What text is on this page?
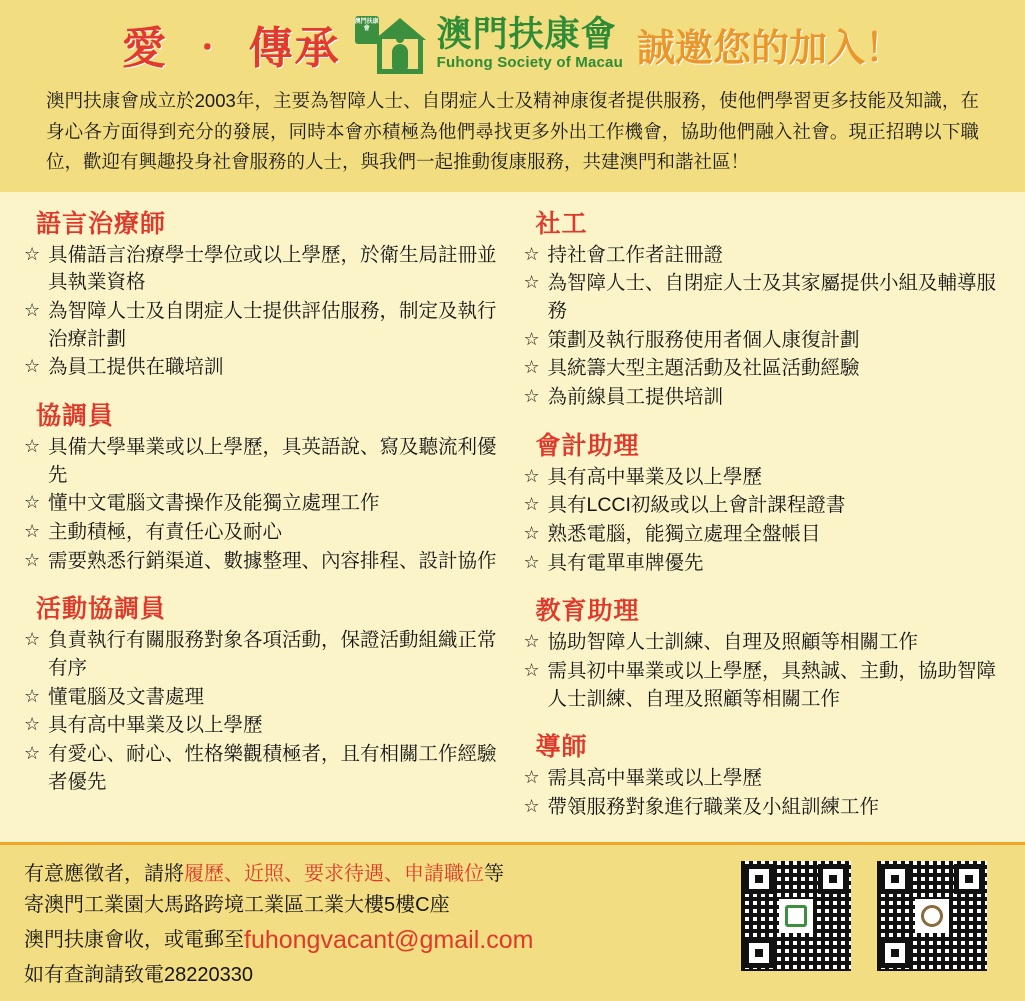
愛 ‧ 傳承
澳門扶康會 澳門扶康會
Fuhong Society of Macau 誠邀您的加入！
澳門扶康會成立於2003年，主要為智障人士、自閉症人士及精神康復者提供服務，使他們學習更多技能及知識，在身心各方面得到充分的發展，同時本會亦積極為他們尋找更多外出工作機會，協助他們融入社會。現正招聘以下職位，歡迎有興趣投身社會服務的人士，與我們一起推動復康服務，共建澳門和諧社區！
語言治療師
☆ 具備語言治療學士學位或以上學歷，於衛生局註冊並具執業資格
☆ 為智障人士及自閉症人士提供評估服務，制定及執行治療計劃
☆ 為員工提供在職培訓
協調員
☆ 具備大學畢業或以上學歷，具英語說、寫及聽流利優先
☆ 懂中文電腦文書操作及能獨立處理工作
☆ 主動積極，有責任心及耐心
☆ 需要熟悉行銷渠道、數據整理、內容排程、設計協作
活動協調員
☆ 負責執行有關服務對象各項活動，保證活動組織正常有序
☆ 懂電腦及文書處理
☆ 具有高中畢業及以上學歷
☆ 有愛心、耐心、性格樂觀積極者，且有相關工作經驗者優先
社工
☆ 持社會工作者註冊證
☆ 為智障人士、自閉症人士及其家屬提供小組及輔導服務
☆ 策劃及執行服務使用者個人康復計劃
☆ 具統籌大型主題活動及社區活動經驗
☆ 為前線員工提供培訓
會計助理
☆ 具有高中畢業及以上學歷
☆ 具有LCCI初級或以上會計課程證書
☆ 熟悉電腦，能獨立處理全盤帳目
☆ 具有電單車牌優先
教育助理
☆ 協助智障人士訓練、自理及照顧等相關工作
☆ 需具初中畢業或以上學歷，具熱誠、主動，協助智障人士訓練、自理及照顧等相關工作
導師
☆ 需具高中畢業或以上學歷
☆ 帶領服務對象進行職業及小組訓練工作
有意應徵者，請將履歷、近照、要求待遇、申請職位等
寄澳門工業園大馬路跨境工業區工業大樓5樓C座
澳門扶康會收，或電郵至fuhongvacant@gmail.com
如有查詢請致電28220330
